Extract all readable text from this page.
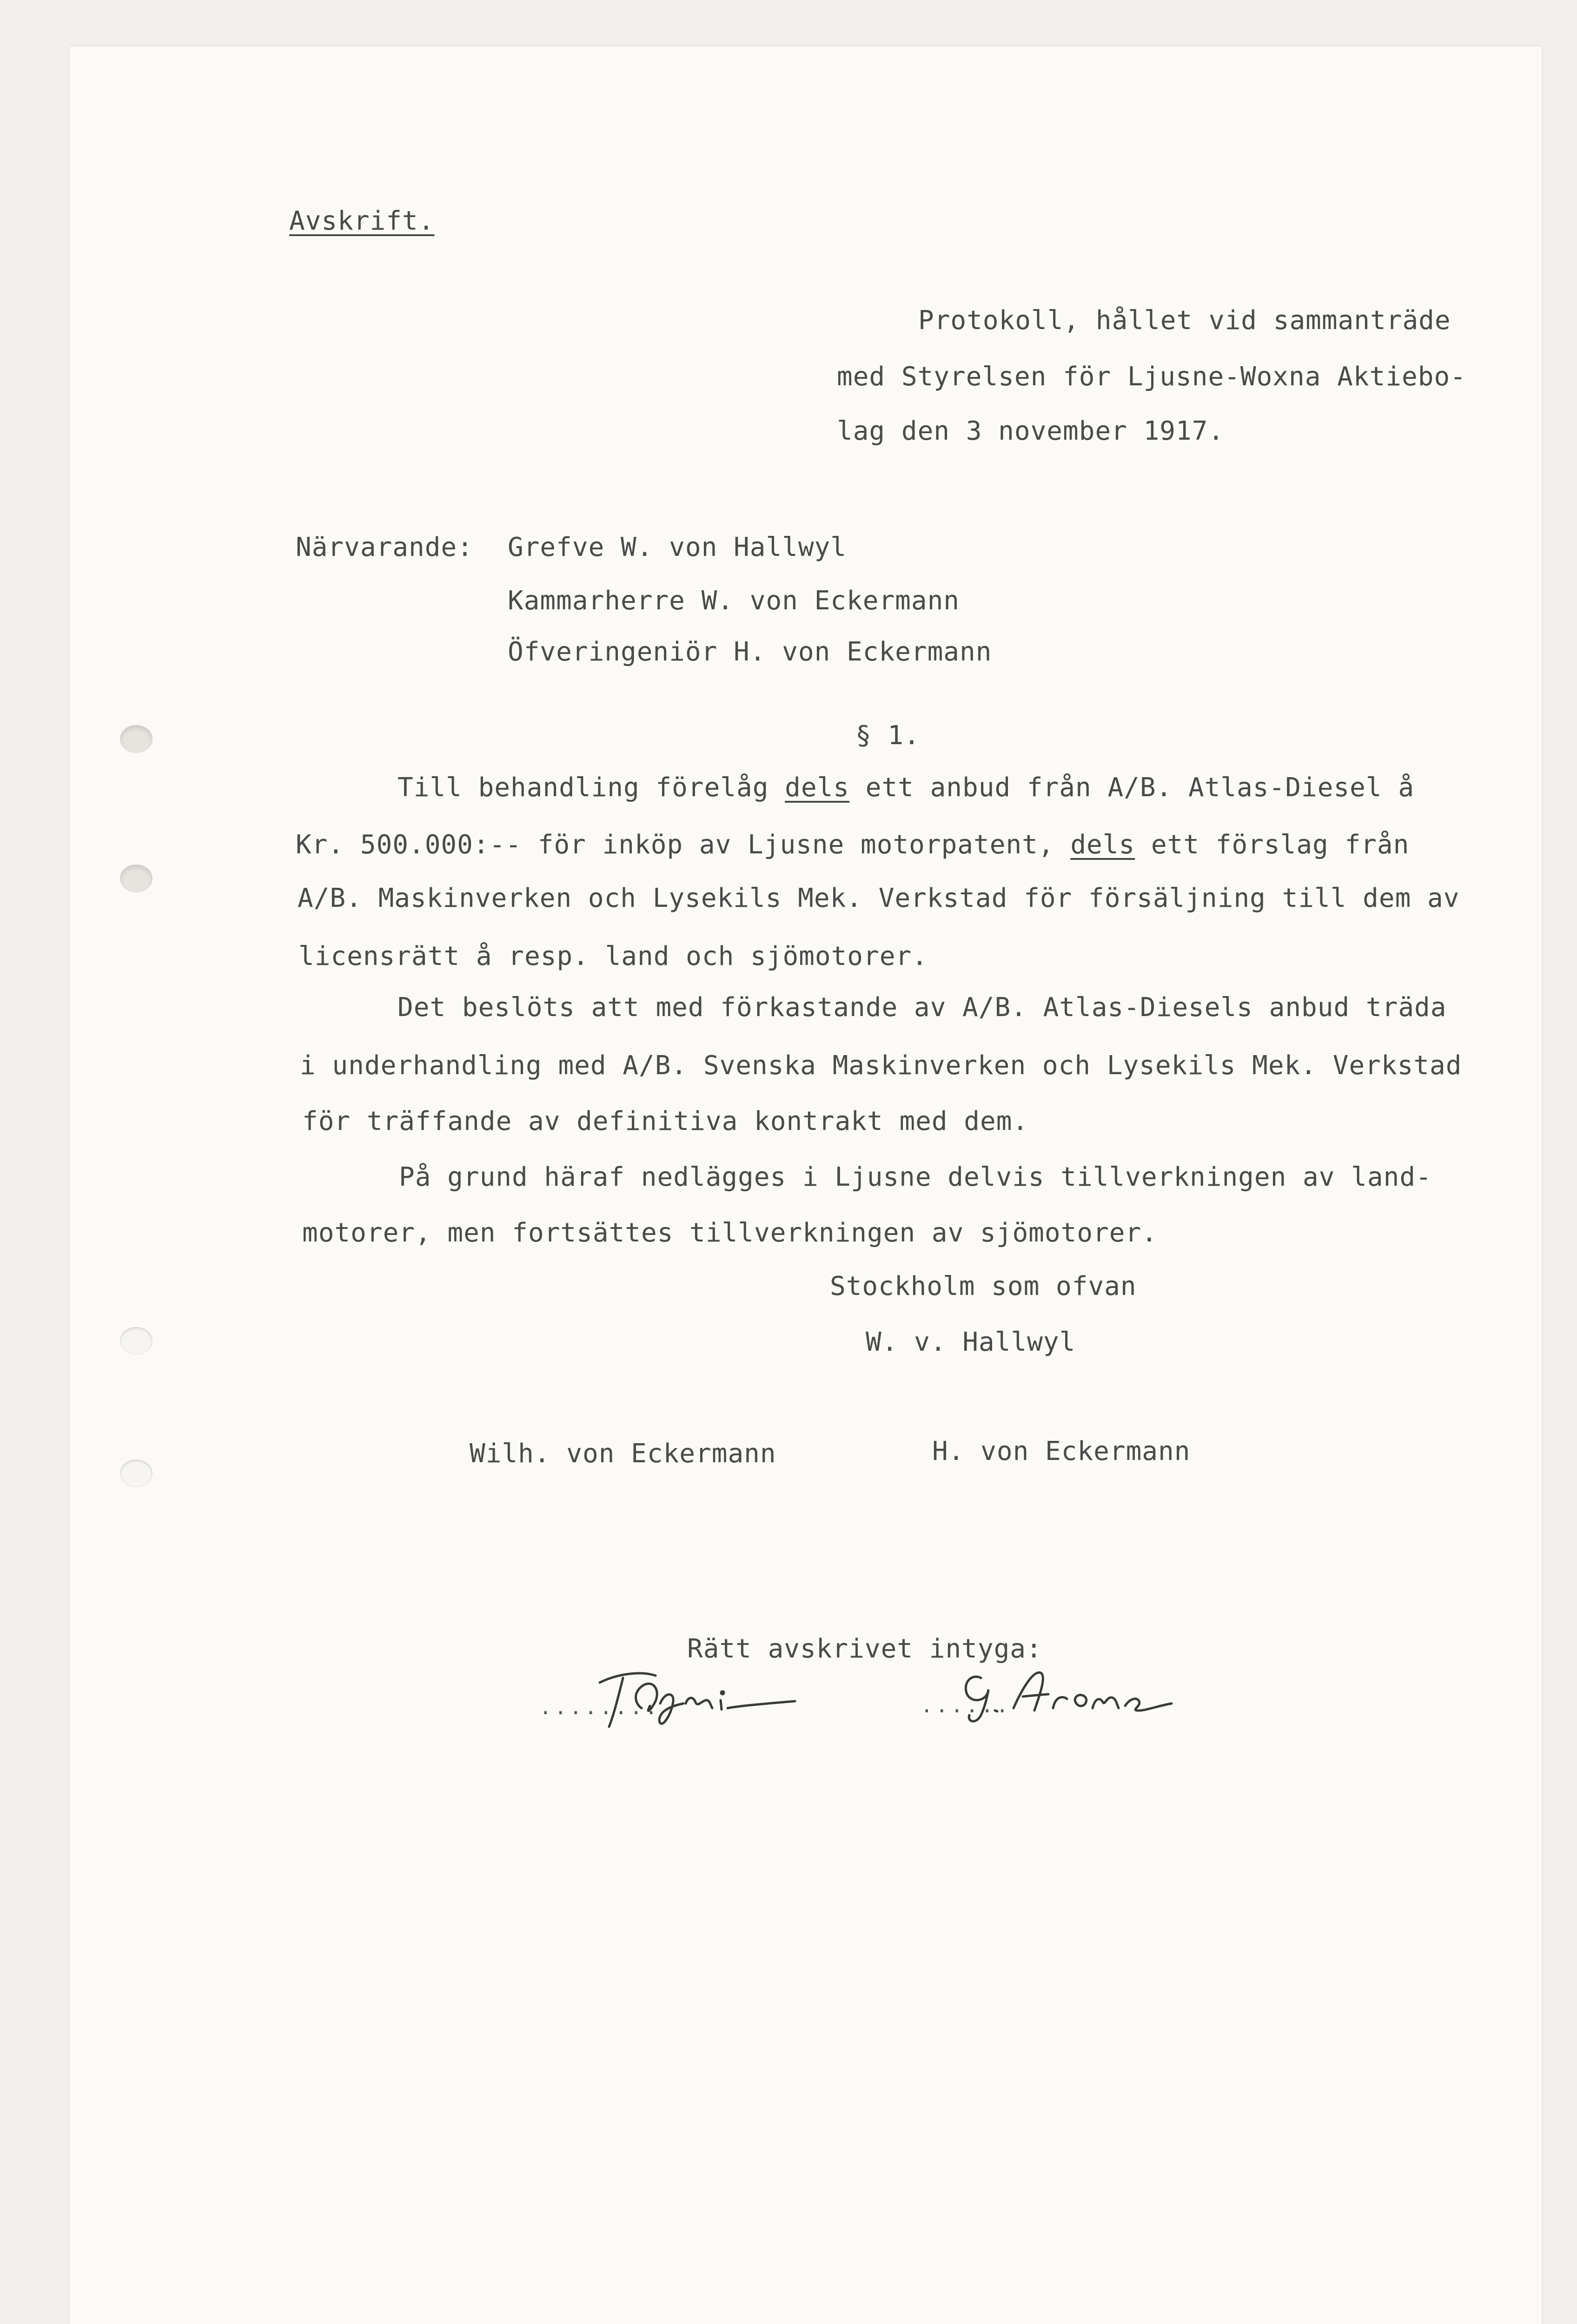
Avskrift.
Protokoll, hållet vid sammanträde
med Styrelsen för Ljusne-Woxna Aktiebo-
lag den 3 november 1917.
Närvarande: Grefve W. von Hallwyl
Kammarherre W. von Eckermann
Öfveringeniör H. von Eckermann
§ 1.
Till behandling förelåg dels ett anbud från A/B. Atlas-Diesel å
Kr. 500.000:-- för inköp av Ljusne motorpatent, dels ett förslag från
A/B. Maskinverken och Lysekils Mek. Verkstad för försäljning till dem av
licensrätt å resp. land och sjömotorer.
Det beslöts att med förkastande av A/B. Atlas-Diesels anbud träda
i underhandling med A/B. Svenska Maskinverken och Lysekils Mek. Verkstad
för träffande av definitiva kontrakt med dem.
På grund häraf nedlägges i Ljusne delvis tillverkningen av land-
motorer, men fortsättes tillverkningen av sjömotorer.
Stockholm som ofvan
W. v. Hallwyl
Wilh. von Eckermann	H. von Eckermann
Rätt avskrivet intyga:
........	......
